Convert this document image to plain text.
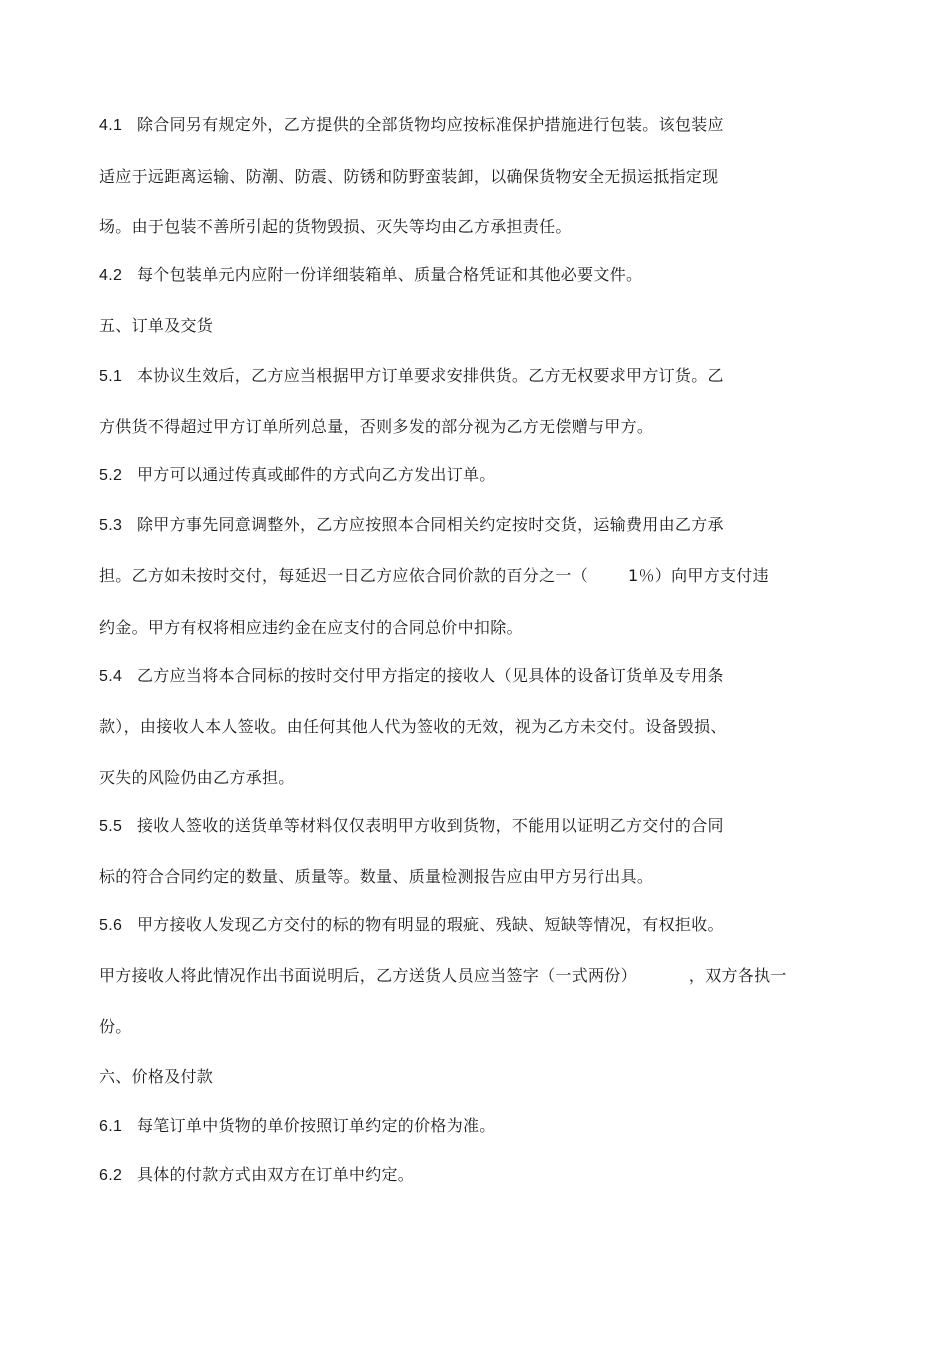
4.1 除合同另有规定外，乙方提供的全部货物均应按标准保护措施进行包装。该包装应
适应于远距离运输、防潮、防震、防锈和防野蛮装卸，以确保货物安全无损运抵指定现
场。由于包装不善所引起的货物毁损、灭失等均由乙方承担责任。
4.2 每个包装单元内应附一份详细装箱单、质量合格凭证和其他必要文件。
五、订单及交货
5.1 本协议生效后，乙方应当根据甲方订单要求安排供货。乙方无权要求甲方订货。乙
方供货不得超过甲方订单所列总量，否则多发的部分视为乙方无偿赠与甲方。
5.2 甲方可以通过传真或邮件的方式向乙方发出订单。
5.3 除甲方事先同意调整外，乙方应按照本合同相关约定按时交货，运输费用由乙方承
担。乙方如未按时交付，每延迟一日乙方应依合同价款的百分之一（	1％）向甲方支付违
约金。甲方有权将相应违约金在应支付的合同总价中扣除。
5.4 乙方应当将本合同标的按时交付甲方指定的接收人（见具体的设备订货单及专用条
款），由接收人本人签收。由任何其他人代为签收的无效，视为乙方未交付。设备毁损、
灭失的风险仍由乙方承担。
5.5 接收人签收的送货单等材料仅仅表明甲方收到货物，不能用以证明乙方交付的合同
标的符合合同约定的数量、质量等。数量、质量检测报告应由甲方另行出具。
5.6 甲方接收人发现乙方交付的标的物有明显的瑕疵、残缺、短缺等情况，有权拒收。
甲方接收人将此情况作出书面说明后，乙方送货人员应当签字（一式两份）	，双方各执一
份。
六、价格及付款
6.1 每笔订单中货物的单价按照订单约定的价格为准。
6.2 具体的付款方式由双方在订单中约定。
